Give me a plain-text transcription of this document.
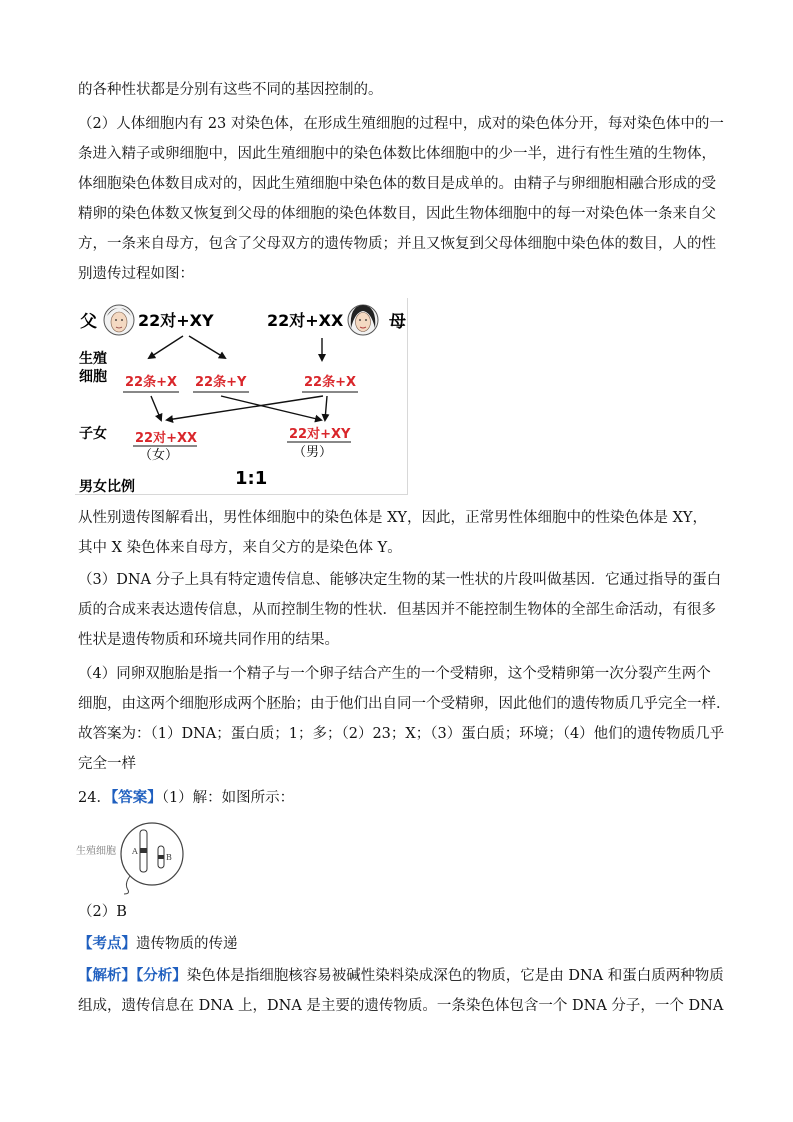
的各种性状都是分别有这些不同的基因控制的。
（2）人体细胞内有 23 对染色体，在形成生殖细胞的过程中，成对的染色体分开，每对染色体中的一
条进入精子或卵细胞中，因此生殖细胞中的染色体数比体细胞中的少一半，进行有性生殖的生物体，
体细胞染色体数目成对的，因此生殖细胞中染色体的数目是成单的。由精子与卵细胞相融合形成的受
精卵的染色体数又恢复到父母的体细胞的染色体数目，因此生物体细胞中的每一对染色体一条来自父
方，一条来自母方，包含了父母双方的遗传物质；并且又恢复到父母体细胞中染色体的数目，人的性
别遗传过程如图：
父
生殖
细胞
子女
男女比例
母
22对+XY	22对+XX
22条+X 22条+Y	22条+X
22对+XX
（女）
22对+XY
（男）
1:1
从性别遗传图解看出，男性体细胞中的染色体是 XY，因此，正常男性体细胞中的性染色体是 XY，
其中 X 染色体来自母方，来自父方的是染色体 Y。
（3）DNA 分子上具有特定遗传信息、能够决定生物的某一性状的片段叫做基因．它通过指导的蛋白
质的合成来表达遗传信息，从而控制生物的性状．但基因并不能控制生物体的全部生命活动，有很多
性状是遗传物质和环境共同作用的结果。
（4）同卵双胞胎是指一个精子与一个卵子结合产生的一个受精卵，这个受精卵第一次分裂产生两个
细胞，由这两个细胞形成两个胚胎；由于他们出自同一个受精卵，因此他们的遗传物质几乎完全一样．
故答案为：（1）DNA；蛋白质；1；多；（2）23；X；（3）蛋白质；环境；（4）他们的遗传物质几乎
完全一样
24．【答案】（1）解：如图所示：
生殖细胞 A
B
（2）B
【考点】遗传物质的传递
【解析】【分析】染色体是指细胞核容易被碱性染料染成深色的物质，它是由 DNA 和蛋白质两种物质
组成，遗传信息在 DNA 上，DNA 是主要的遗传物质。一条染色体包含一个 DNA 分子，一个 DNA
